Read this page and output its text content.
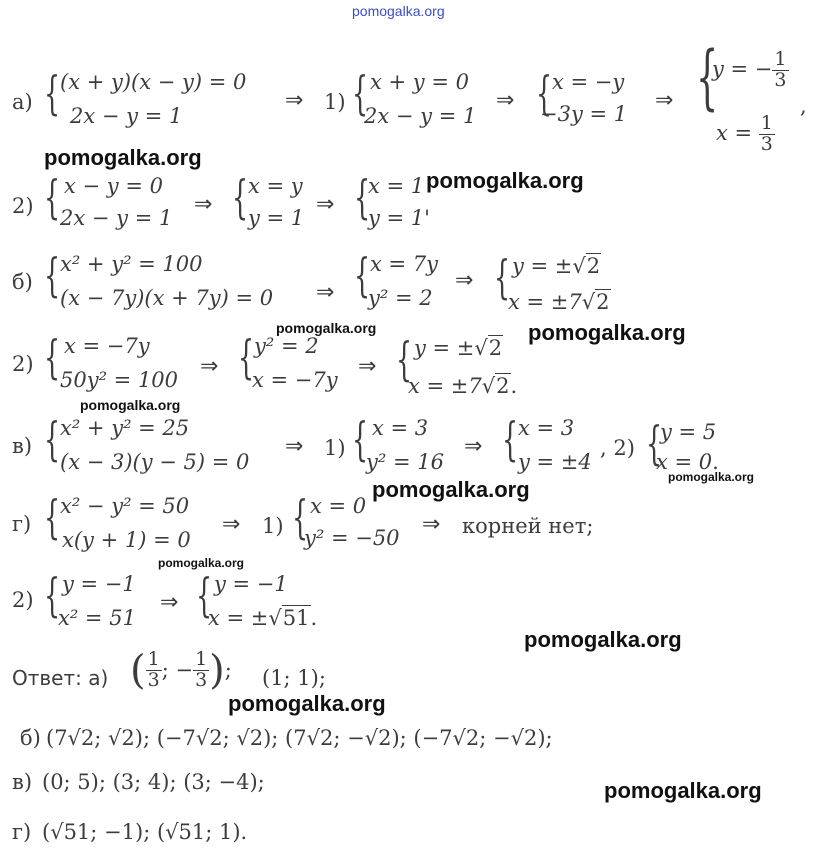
pomogalka.org
а) { (x + y)(x − y) = 0
2x − y = 1
⇒ 1) { x + y = 0
2x − y = 1
⇒ { x = −y
−3y = 1
⇒ {
y = − $\frac{1}{3}$
,
$x = \frac{1}{3}$
pomogalka.org
2) { x − y = 0
2x − y = 1
⇒ { x = y
y = 1
⇒ {
x = 1
y = 1'
pomogalka.org
б) { x² + y² = 100
(x − 7y)(x + 7y) = 0 ⇒ { x = 7y
y² = 2
⇒ { y = ±√2
x = ±7√2
pomogalka.org	pomogalka.org
2) { x = −7y
50y² = 100
⇒ { y² = 2
x = −7y
⇒ { y = ±√2
x = ±7√2.
pomogalka.org
в) { x² + y² = 25
(x − 3)(y − 5) = 0
⇒ 1) { x = 3
y² = 16
⇒ { x = 3
y = ±4
, 2) {
y = 5
x = 0.
pomogalka.org
pomogalka.org
г) { x² − y² = 50
x(y + 1) = 0
⇒ 1) { x = 0
y² = −50
⇒ корней нет;
pomogalka.org
2) { y = −1
x² = 51
⇒ { y = −1
x = ±√51.
pomogalka.org
Ответ: а) ( $\frac{1}{3}$ ; − $\frac{1}{3}$ ); (1; 1);
pomogalka.org
б) (7√2; √2); (−7√2; √2); (7√2; −√2); (−7√2; −√2);
в) (0; 5); (3; 4); (3; −4);	pomogalka.org
г) (√51; −1); (√51; 1).
